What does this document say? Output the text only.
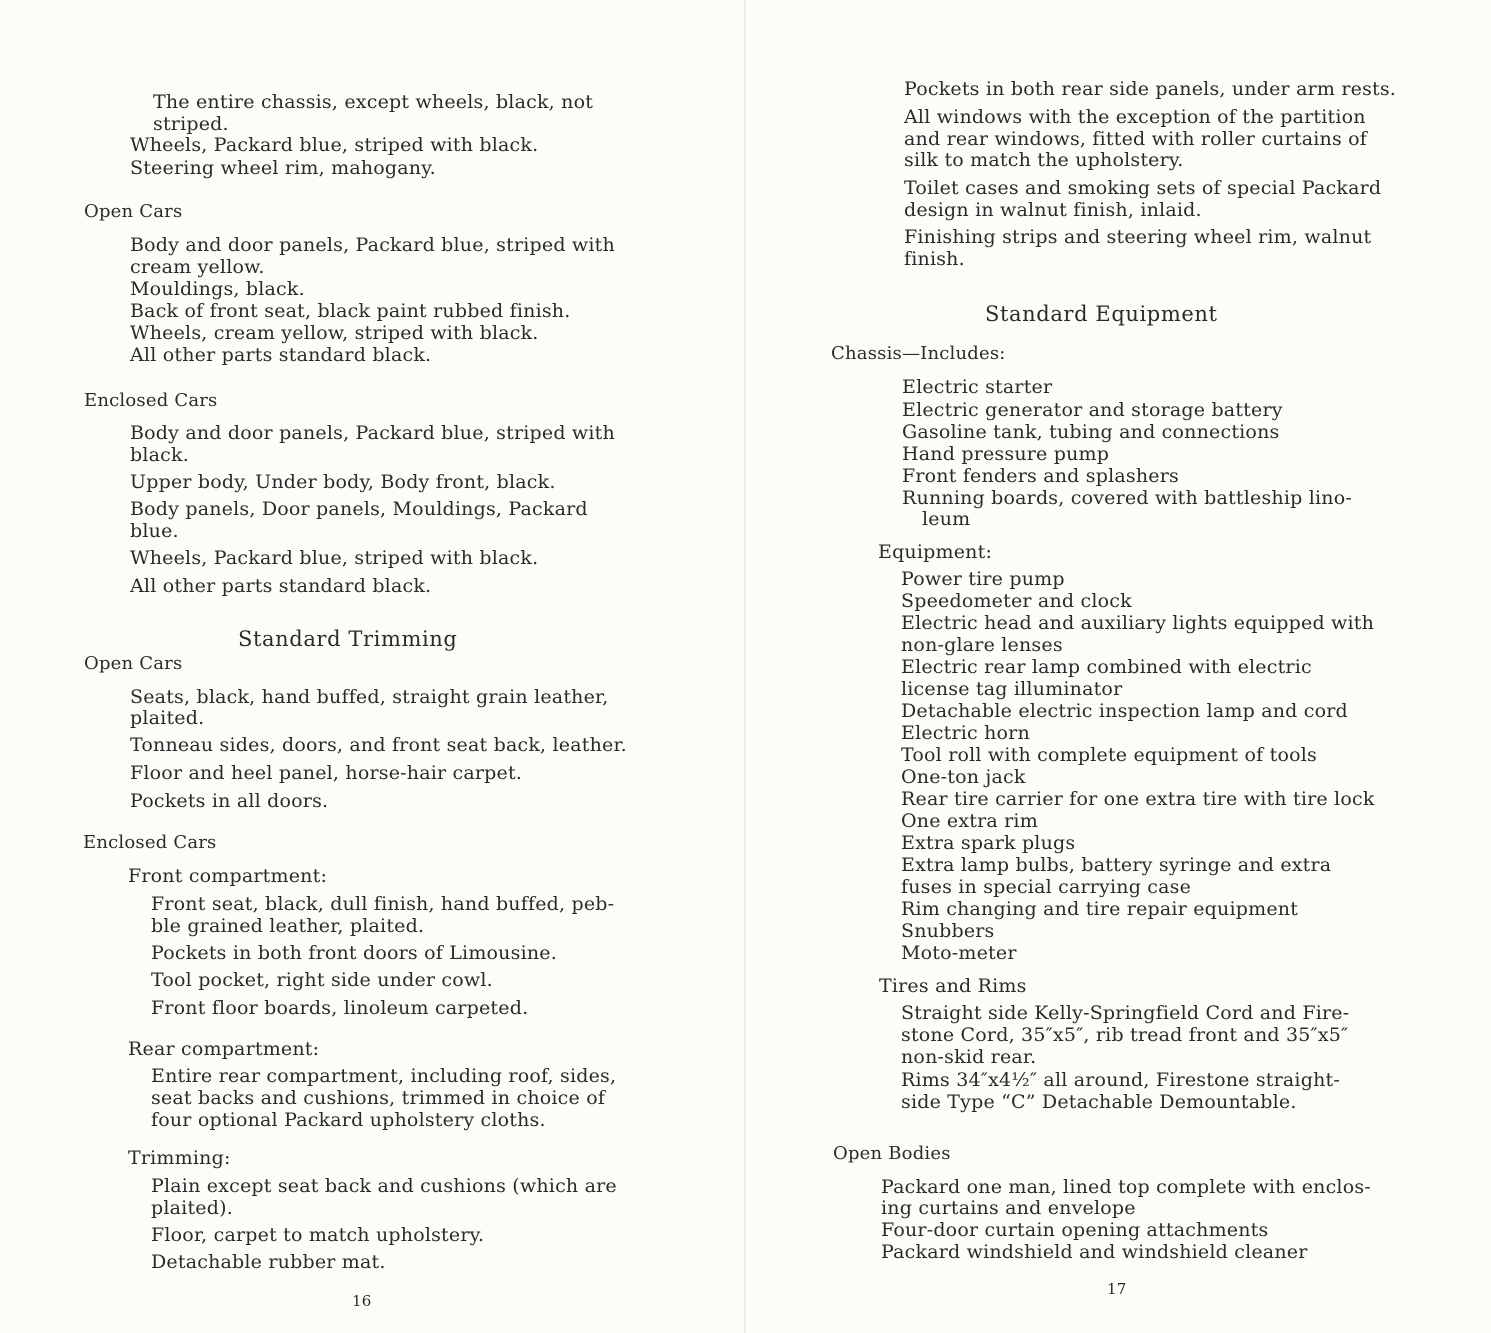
The entire chassis, except wheels, black, not

striped.

Wheels, Packard blue, striped with black.

Steering wheel rim, mahogany.

Open Cars

Body and door panels, Packard blue, striped with

cream yellow.

Mouldings, black.

Back of front seat, black paint rubbed finish.

Wheels, cream yellow, striped with black.

All other parts standard black.

Enclosed Cars

Body and door panels, Packard blue, striped with

black.

Upper body, Under body, Body front, black.

Body panels, Door panels, Mouldings, Packard

blue.

Wheels, Packard blue, striped with black.

All other parts standard black.

Standard Trimming

Open Cars

Seats, black, hand buffed, straight grain leather,

plaited.

Tonneau sides, doors, and front seat back, leather.

Floor and heel panel, horse-hair carpet.

Pockets in all doors.

Enclosed Cars

Front compartment:

Front seat, black, dull finish, hand buffed, peb-

ble grained leather, plaited.

Pockets in both front doors of Limousine.

Tool pocket, right side under cowl.

Front floor boards, linoleum carpeted.

Rear compartment:

Entire rear compartment, including roof, sides,

seat backs and cushions, trimmed in choice of

four optional Packard upholstery cloths.

Trimming:

Plain except seat back and cushions (which are

plaited).

Floor, carpet to match upholstery.

Detachable rubber mat.

16

Pockets in both rear side panels, under arm rests.

All windows with the exception of the partition

and rear windows, fitted with roller curtains of

silk to match the upholstery.

Toilet cases and smoking sets of special Packard

design in walnut finish, inlaid.

Finishing strips and steering wheel rim, walnut

finish.

Standard Equipment

Chassis—Includes:

Electric starter

Electric generator and storage battery

Gasoline tank, tubing and connections

Hand pressure pump

Front fenders and splashers

Running boards, covered with battleship lino-

leum

Equipment:

Power tire pump

Speedometer and clock

Electric head and auxiliary lights equipped with

non-glare lenses

Electric rear lamp combined with electric

license tag illuminator

Detachable electric inspection lamp and cord

Electric horn

Tool roll with complete equipment of tools

One-ton jack

Rear tire carrier for one extra tire with tire lock

One extra rim

Extra spark plugs

Extra lamp bulbs, battery syringe and extra

fuses in special carrying case

Rim changing and tire repair equipment

Snubbers

Moto-meter

Tires and Rims

Straight side Kelly-Springfield Cord and Fire-

stone Cord, 35″x5″, rib tread front and 35″x5″

non-skid rear.

Rims 34″x4½″ all around, Firestone straight-

side Type “C” Detachable Demountable.

Open Bodies

Packard one man, lined top complete with enclos-

ing curtains and envelope

Four-door curtain opening attachments

Packard windshield and windshield cleaner

17
